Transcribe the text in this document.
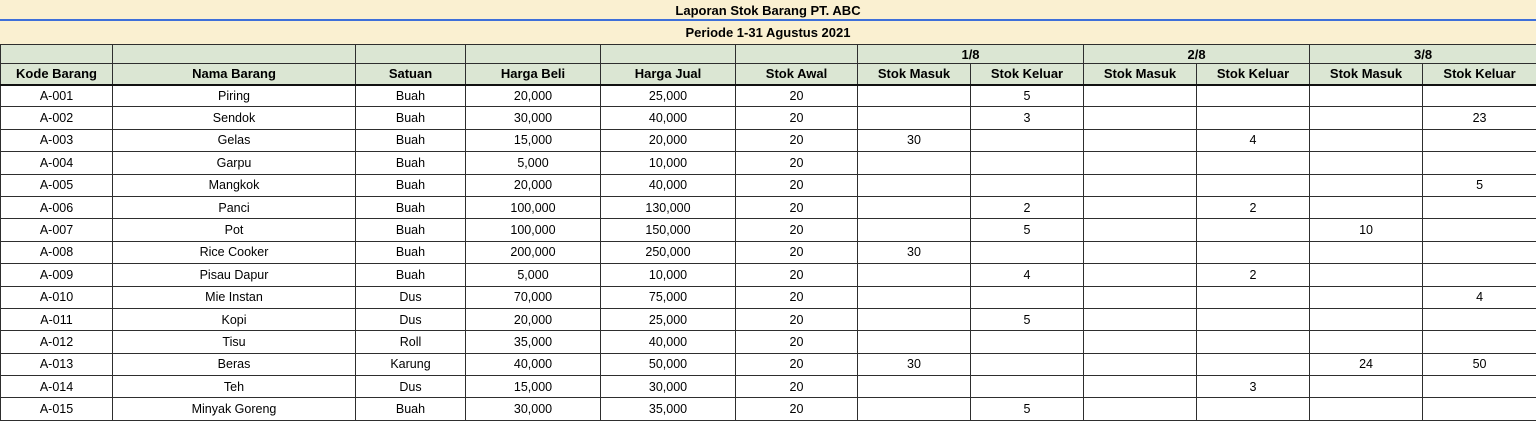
Laporan Stok Barang PT. ABC
Periode 1-31 Agustus 2021
						1/8		2/8		3/8	
Kode Barang	Nama Barang	Satuan	Harga Beli	Harga Jual	Stok Awal	Stok Masuk	Stok Keluar	Stok Masuk	Stok Keluar	Stok Masuk	Stok Keluar
A-001	Piring	Buah	20,000	25,000	20		5				
A-002	Sendok	Buah	30,000	40,000	20		3				23
A-003	Gelas	Buah	15,000	20,000	20	30			4		
A-004	Garpu	Buah	5,000	10,000	20						
A-005	Mangkok	Buah	20,000	40,000	20						5
A-006	Panci	Buah	100,000	130,000	20		2		2		
A-007	Pot	Buah	100,000	150,000	20		5			10	
A-008	Rice Cooker	Buah	200,000	250,000	20	30					
A-009	Pisau Dapur	Buah	5,000	10,000	20		4		2		
A-010	Mie Instan	Dus	70,000	75,000	20						4
A-011	Kopi	Dus	20,000	25,000	20		5				
A-012	Tisu	Roll	35,000	40,000	20						
A-013	Beras	Karung	40,000	50,000	20	30				24	50
A-014	Teh	Dus	15,000	30,000	20				3		
A-015	Minyak Goreng	Buah	30,000	35,000	20		5				
